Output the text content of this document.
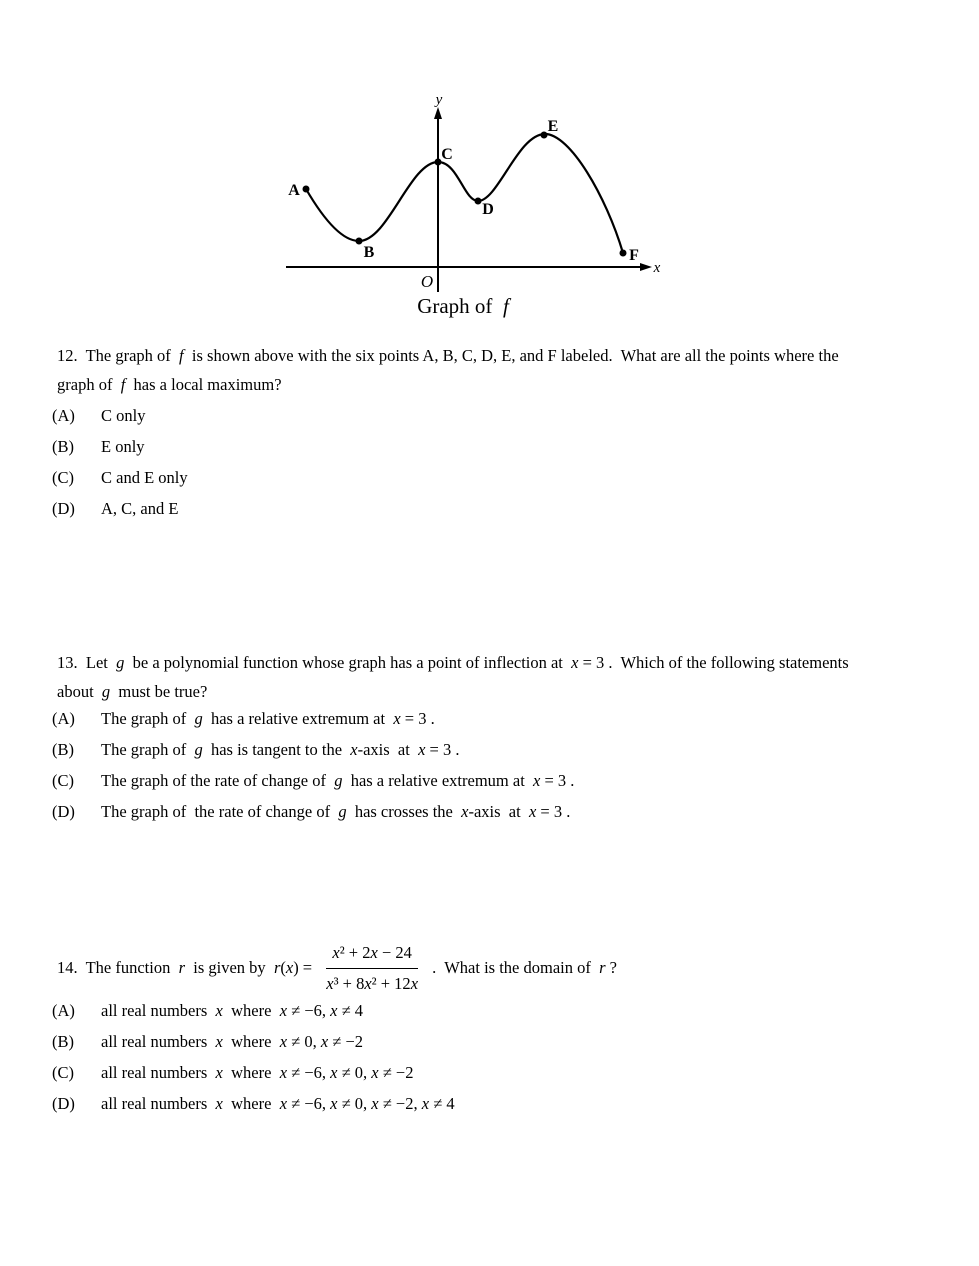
A
B
C
D
E
F
y
x
O
Graph of  f
12.  The graph of  f  is shown above with the six points A, B, C, D, E, and F labeled.  What are all the points where the
graph of  f  has a local maximum?
(A)	C only
(B)	E only
(C)	C and E only
(D)	A, C, and E
13.  Let  g  be a polynomial function whose graph has a point of inflection at  x = 3 .  Which of the following statements
about  g  must be true?
(A)	The graph of  g  has a relative extremum at  x = 3 .
(B)	The graph of  g  has is tangent to the  x-axis  at  x = 3 .
(C)	The graph of the rate of change of  g  has a relative extremum at  x = 3 .
(D)	The graph of  the rate of change of  g  has crosses the  x-axis  at  x = 3 .
14.  The function  r  is given by  $r(x) = \frac{\text{x² + 2x − 24}}{\text{x³ + 8x² + 12x}}$ .  What is the domain of  r ?
(A)	all real numbers  x  where  x ≠ −6, x ≠ 4
(B)	all real numbers  x  where  x ≠ 0, x ≠ −2
(C)	all real numbers  x  where  x ≠ −6, x ≠ 0, x ≠ −2
(D)	all real numbers  x  where  x ≠ −6, x ≠ 0, x ≠ −2, x ≠ 4
